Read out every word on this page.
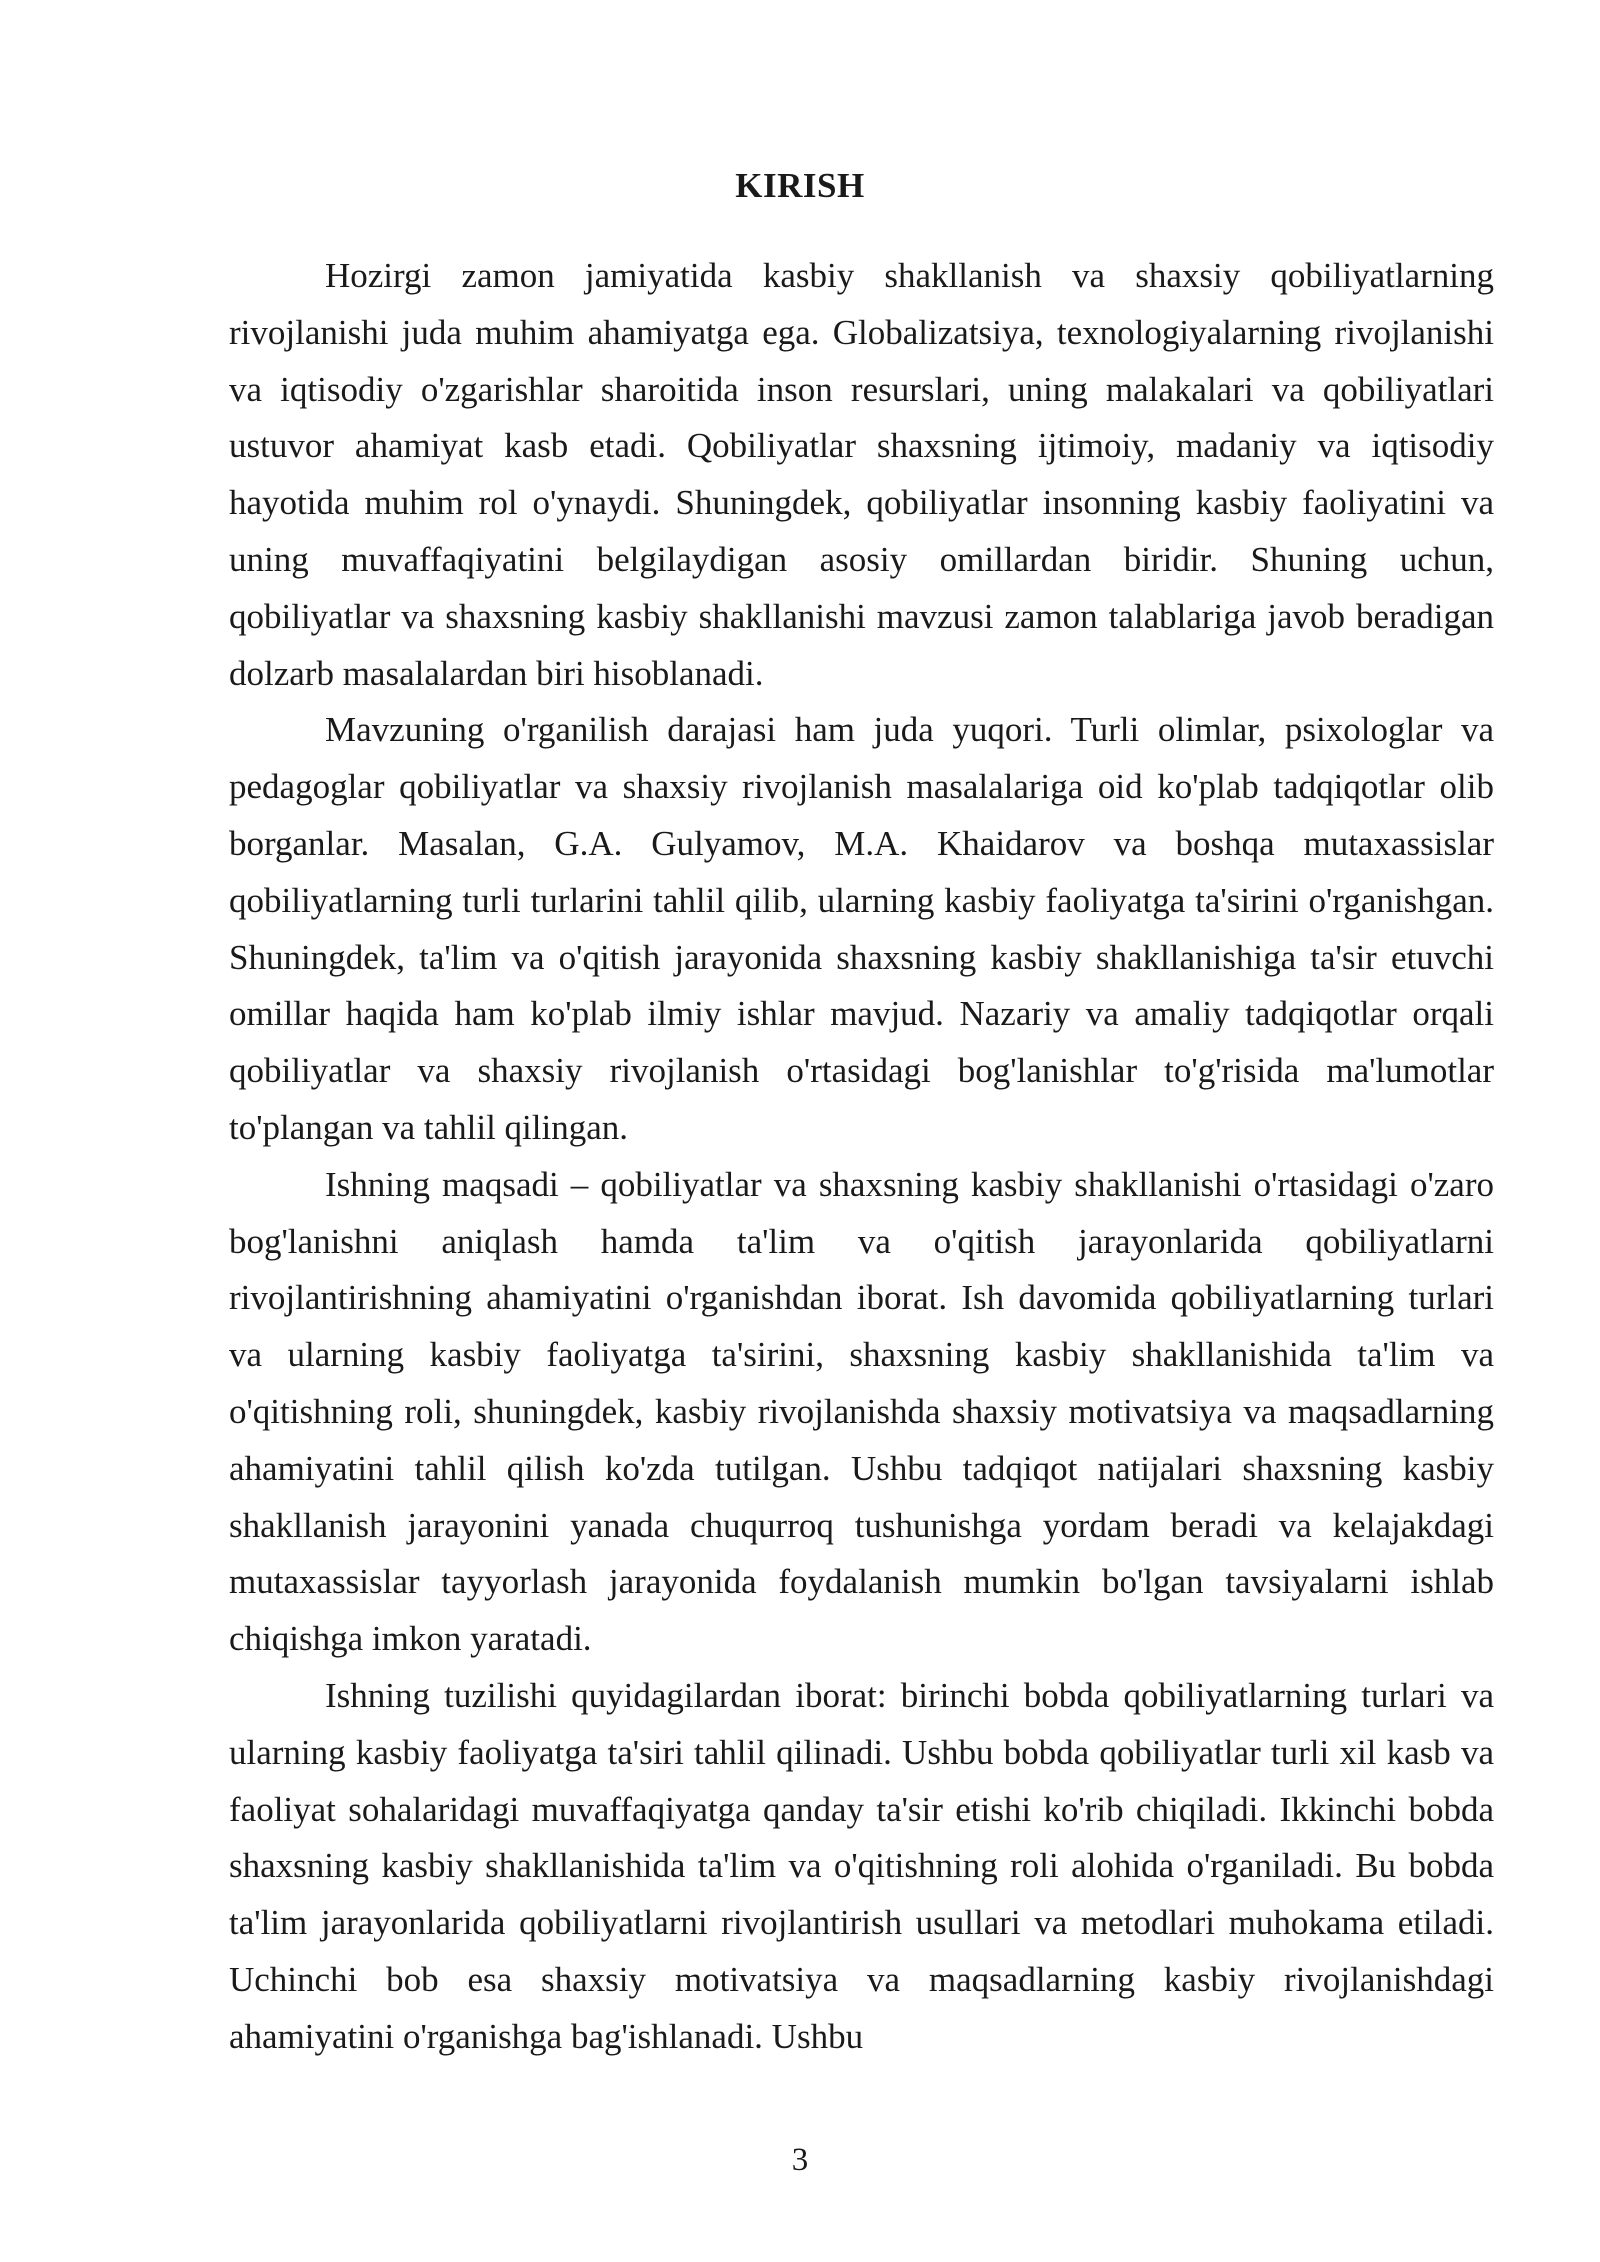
KIRISH

Hozirgi zamon jamiyatida kasbiy shakllanish va shaxsiy qobiliyatlarning rivojlanishi juda muhim ahamiyatga ega. Globalizatsiya, texnologiyalarning rivojlanishi va iqtisodiy o'zgarishlar sharoitida inson resurslari, uning malakalari va qobiliyatlari ustuvor ahamiyat kasb etadi. Qobiliyatlar shaxsning ijtimoiy, madaniy va iqtisodiy hayotida muhim rol o'ynaydi. Shuningdek, qobiliyatlar insonning kasbiy faoliyatini va uning muvaffaqiyatini belgilaydigan asosiy omillardan biridir. Shuning uchun, qobiliyatlar va shaxsning kasbiy shakllanishi mavzusi zamon talablariga javob beradigan dolzarb masalalardan biri hisoblanadi.

Mavzuning o'rganilish darajasi ham juda yuqori. Turli olimlar, psixologlar va pedagoglar qobiliyatlar va shaxsiy rivojlanish masalalariga oid ko'plab tadqiqotlar olib borganlar. Masalan, G.A. Gulyamov, M.A. Khaidarov va boshqa mutaxassislar qobiliyatlarning turli turlarini tahlil qilib, ularning kasbiy faoliyatga ta'sirini o'rganishgan. Shuningdek, ta'lim va o'qitish jarayonida shaxsning kasbiy shakllanishiga ta'sir etuvchi omillar haqida ham ko'plab ilmiy ishlar mavjud. Nazariy va amaliy tadqiqotlar orqali qobiliyatlar va shaxsiy rivojlanish o'rtasidagi bog'lanishlar to'g'risida ma'lumotlar to'plangan va tahlil qilingan.

Ishning maqsadi – qobiliyatlar va shaxsning kasbiy shakllanishi o'rtasidagi o'zaro bog'lanishni aniqlash hamda ta'lim va o'qitish jarayonlarida qobiliyatlarni rivojlantirishning ahamiyatini o'rganishdan iborat. Ish davomida qobiliyatlarning turlari va ularning kasbiy faoliyatga ta'sirini, shaxsning kasbiy shakllanishida ta'lim va o'qitishning roli, shuningdek, kasbiy rivojlanishda shaxsiy motivatsiya va maqsadlarning ahamiyatini tahlil qilish ko'zda tutilgan. Ushbu tadqiqot natijalari shaxsning kasbiy shakllanish jarayonini yanada chuqurroq tushunishga yordam beradi va kelajakdagi mutaxassislar tayyorlash jarayonida foydalanish mumkin bo'lgan tavsiyalarni ishlab chiqishga imkon yaratadi.

Ishning tuzilishi quyidagilardan iborat: birinchi bobda qobiliyatlarning turlari va ularning kasbiy faoliyatga ta'siri tahlil qilinadi. Ushbu bobda qobiliyatlar turli xil kasb va faoliyat sohalaridagi muvaffaqiyatga qanday ta'sir etishi ko'rib chiqiladi. Ikkinchi bobda shaxsning kasbiy shakllanishida ta'lim va o'qitishning roli alohida o'rganiladi. Bu bobda ta'lim jarayonlarida qobiliyatlarni rivojlantirish usullari va metodlari muhokama etiladi. Uchinchi bob esa shaxsiy motivatsiya va maqsadlarning kasbiy rivojlanishdagi ahamiyatini o'rganishga bag'ishlanadi. Ushbu

3
